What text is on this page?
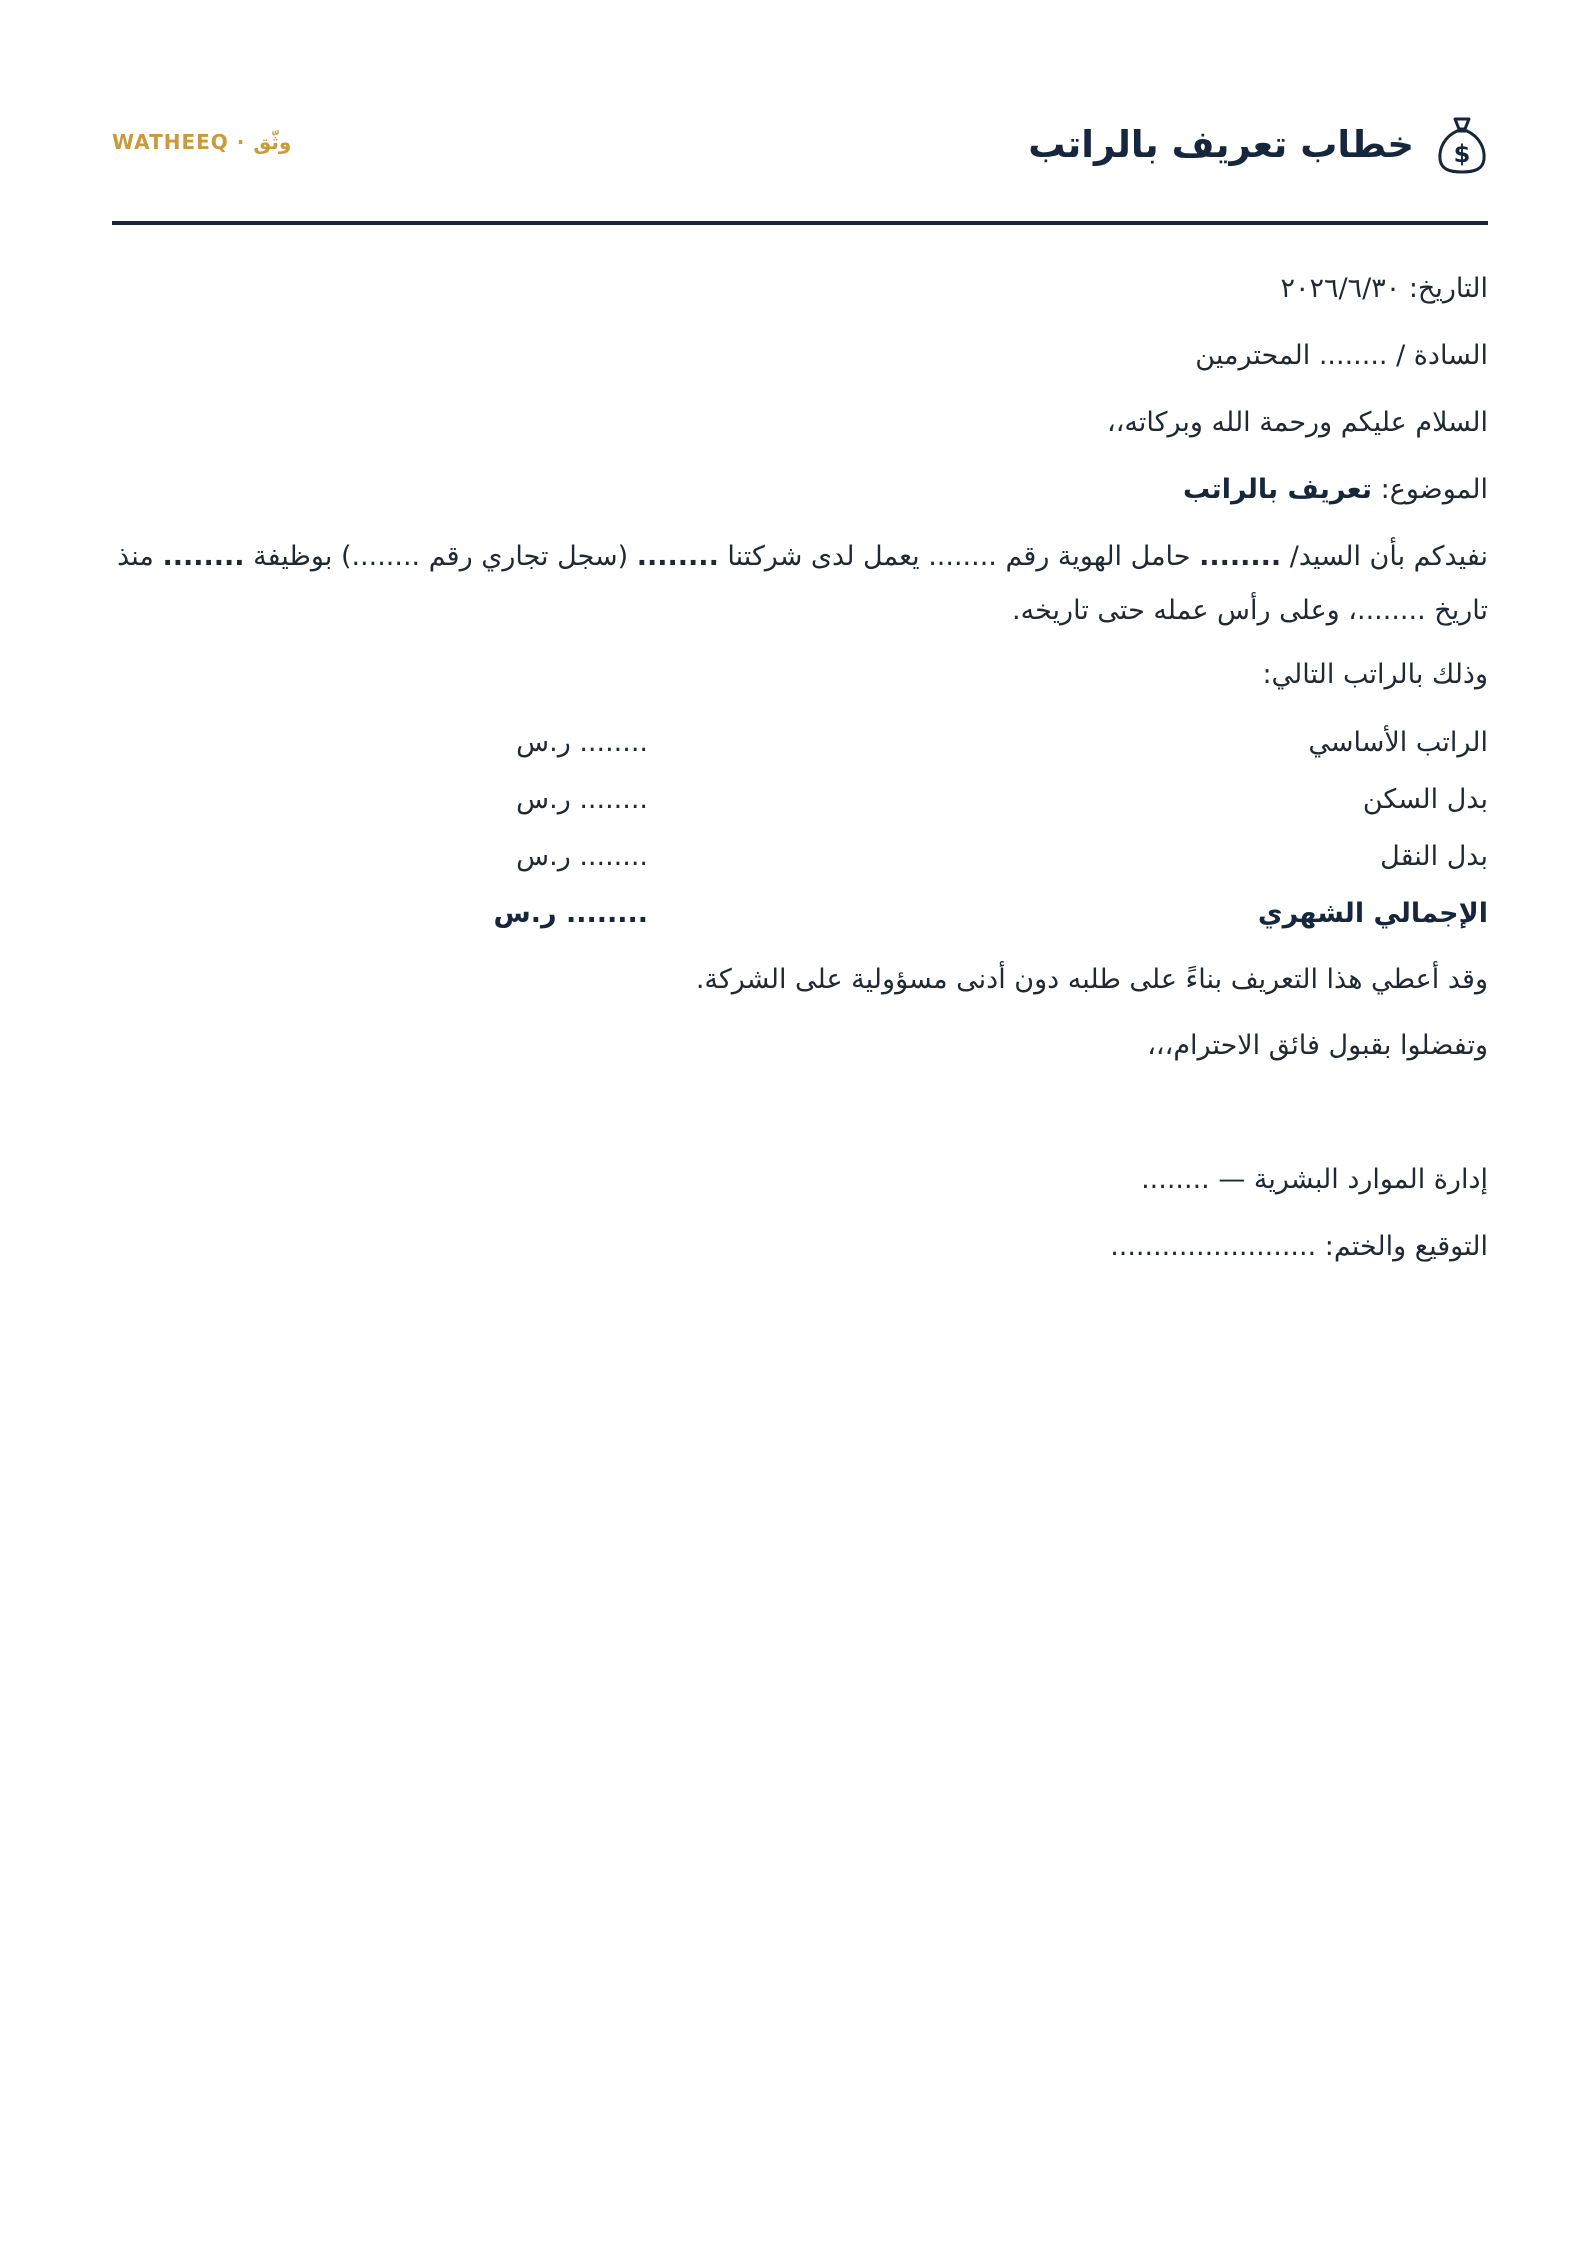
$
خطاب تعريف بالراتب
WATHEEQ · وثّق
التاريخ: ٢٠٢٦/٦/٣٠
السادة / ........ المحترمين
السلام عليكم ورحمة الله وبركاته،،
الموضوع: تعريف بالراتب
نفيدكم بأن السيد/ ........ حامل الهوية رقم ........ يعمل لدى شركتنا ........ (سجل تجاري رقم ........) بوظيفة ........ منذ تاريخ ........، وعلى رأس عمله حتى تاريخه.
وذلك بالراتب التالي:
الراتب الأساسي
........ ر.س
بدل السكن
........ ر.س
بدل النقل
........ ر.س
الإجمالي الشهري
........ ر.س
وقد أعطي هذا التعريف بناءً على طلبه دون أدنى مسؤولية على الشركة.
وتفضلوا بقبول فائق الاحترام،،،
إدارة الموارد البشرية — ........
التوقيع والختم: ........................
